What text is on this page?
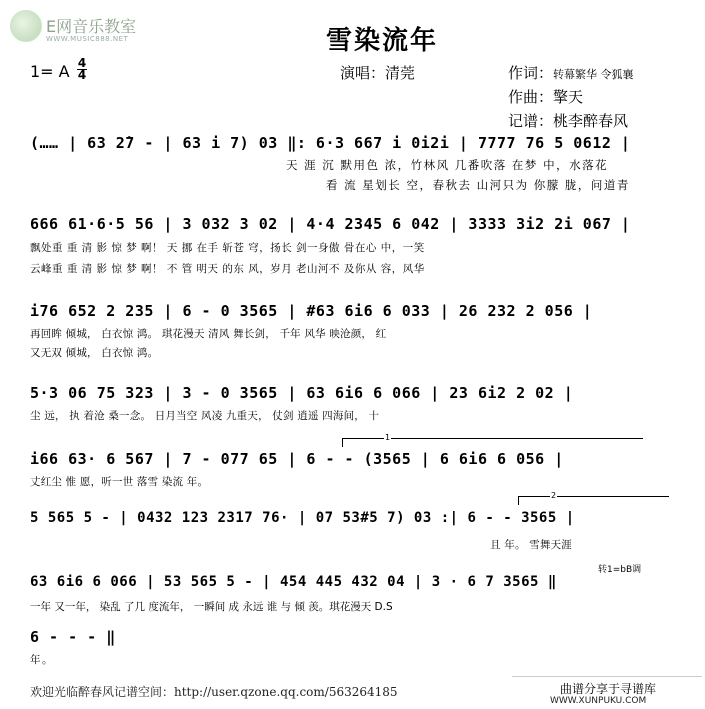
E网音乐教室
WWW.MUSIC888.NET	雪染流年
1= A 4
4	演唱：清莞	作词：转幕繁华 令狐襄
作曲：擎天
记谱：桃李醉春风
(…… | 63 2̇7 - | 63 i 7) 03 ‖: 6·3 667 i 0i2i | 7777 76 5 0612 |
天 涯 沉 默用色 浓，竹林风 几番吹落 在梦 中，水落花
看 流 星划长 空，春秋去 山河只为 你朦 胧，问道青
666 61·6·5 56 | 3 032 3 02 | 4·4 2345 6 042 | 3333 3i2 2i 067 |
飘处重 重 清 影 惊 梦 啊！ 天 挪 在手 斩苍 穹，扬长 剑一身傲 骨在心 中，一笑
云峰重 重 清 影 惊 梦 啊！ 不 管 明天 的东 风，岁月 老山河不 及你从 容，风华
i76 652 2 235 | 6 - 0 3565 | #63 6i6 6 033 | 26 232 2 056 |
再回眸 倾城， 白衣惊 鸿。 琪花漫天 清风 舞长剑， 千年 风华 映沧颜， 红
又无双 倾城， 白衣惊 鸿。
5·3 06 75 323 | 3 - 0 3565 | 63 6i6 6 066 | 23 6i2 2 02 |
尘 远， 执 着沧 桑一念。 日月当空 风凌 九重天， 仗剑 逍遥 四海间， 十
1
i66 63· 6 567 | 7 - 077 65 | 6 - - (3565 | 6 6i6 6 056 |
丈红尘 惟 愿，听一世 落雪 染流 年。
2
5 565 5 - | 0432 123 2317 76· | 07 53#5 7) 03 :| 6 - - 3565 |
且 年。 雪舞天涯
转1=bB调
63 6i6 6 066 | 53 565 5 - | 454 445 432 04 | 3 · 6 7 3565 ‖
一年 又一年， 染乱 了几 度流年， 一瞬间 成 永远 谁 与 倾 羡。琪花漫天 D.S
6 - - - ‖
年。
欢迎光临醉春风记谱空间：http://user.qzone.qq.com/563264185	曲谱分享于寻谱库
WWW.XUNPUKU.COM
